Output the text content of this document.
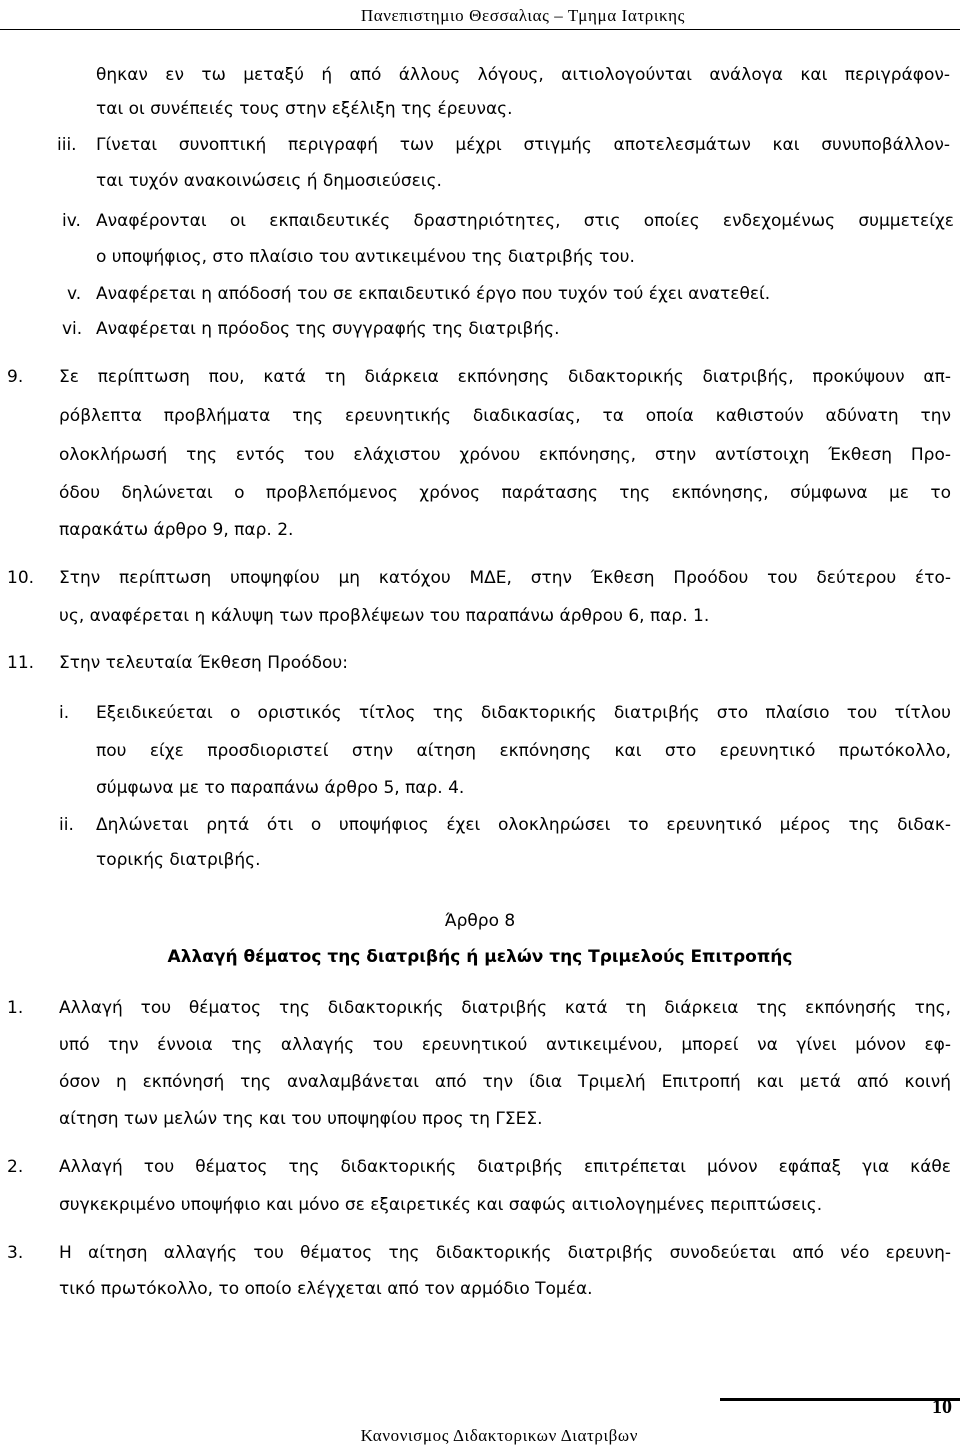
Πανεπιστημιο Θεσσαλιας – Τμημα Ιατρικης
θηκαν εν τω μεταξύ ή από άλλους λόγους, αιτιολογούνται ανάλογα και περιγράφον-
ται οι συνέπειές τους στην εξέλιξη της έρευνας.
iii. Γίνεται συνοπτική περιγραφή των μέχρι στιγμής αποτελεσμάτων και συνυποβάλλον-
ται τυχόν ανακοινώσεις ή δημοσιεύσεις.
iv. Αναφέρονται οι εκπαιδευτικές δραστηριότητες, στις οποίες ενδεχομένως συμμετείχε
ο υποψήφιος, στο πλαίσιο του αντικειμένου της διατριβής του.
v. Αναφέρεται η απόδοσή του σε εκπαιδευτικό έργο που τυχόν τού έχει ανατεθεί.
vi. Αναφέρεται η πρόοδος της συγγραφής της διατριβής.
9. Σε περίπτωση που, κατά τη διάρκεια εκπόνησης διδακτορικής διατριβής, προκύψουν απ-
ρόβλεπτα προβλήματα της ερευνητικής διαδικασίας, τα οποία καθιστούν αδύνατη την
ολοκλήρωσή της εντός του ελάχιστου χρόνου εκπόνησης, στην αντίστοιχη Έκθεση Προ-
όδου δηλώνεται ο προβλεπόμενος χρόνος παράτασης της εκπόνησης, σύμφωνα με το
παρακάτω άρθρο 9, παρ. 2.
10. Στην περίπτωση υποψηφίου μη κατόχου ΜΔΕ, στην Έκθεση Προόδου του δεύτερου έτο-
υς, αναφέρεται η κάλυψη των προβλέψεων του παραπάνω άρθρου 6, παρ. 1.
11. Στην τελευταία Έκθεση Προόδου:
i. Εξειδικεύεται ο οριστικός τίτλος της διδακτορικής διατριβής στο πλαίσιο του τίτλου
που είχε προσδιοριστεί στην αίτηση εκπόνησης και στο ερευνητικό πρωτόκολλο,
σύμφωνα με το παραπάνω άρθρο 5, παρ. 4.
ii. Δηλώνεται ρητά ότι ο υποψήφιος έχει ολοκληρώσει το ερευνητικό μέρος της διδακ-
τορικής διατριβής.
Άρθρο 8
Αλλαγή θέματος της διατριβής ή μελών της Τριμελούς Επιτροπής
1. Αλλαγή του θέματος της διδακτορικής διατριβής κατά τη διάρκεια της εκπόνησής της,
υπό την έννοια της αλλαγής του ερευνητικού αντικειμένου, μπορεί να γίνει μόνον εφ-
όσον η εκπόνησή της αναλαμβάνεται από την ίδια Τριμελή Επιτροπή και μετά από κοινή
αίτηση των μελών της και του υποψηφίου προς τη ΓΣΕΣ.
2. Αλλαγή του θέματος της διδακτορικής διατριβής επιτρέπεται μόνον εφάπαξ για κάθε
συγκεκριμένο υποψήφιο και μόνο σε εξαιρετικές και σαφώς αιτιολογημένες περιπτώσεις.
3. Η αίτηση αλλαγής του θέματος της διδακτορικής διατριβής συνοδεύεται από νέο ερευνη-
τικό πρωτόκολλο, το οποίο ελέγχεται από τον αρμόδιο Τομέα.
10
Κανονισμος Διδακτορικων Διατριβων
